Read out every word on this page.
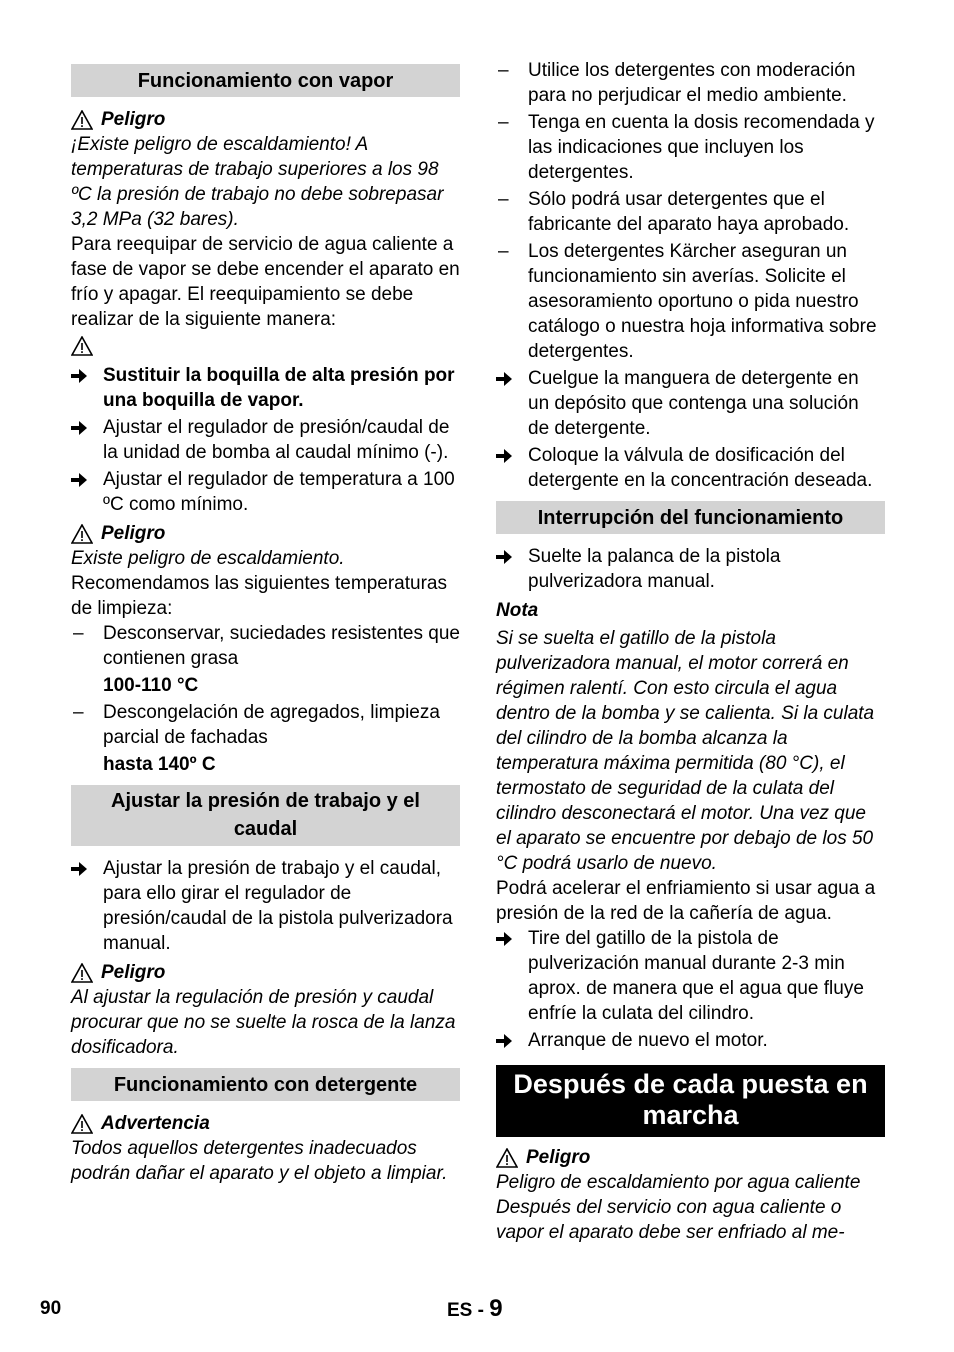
Funcionamiento con vapor
Peligro

¡Existe peligro de escaldamiento! A temperaturas de trabajo superiores a los 98 ºC la presión de trabajo no debe sobrepasar 3,2 MPa (32 bares).

Para reequipar de servicio de agua caliente a fase de vapor se debe encender el aparato en frío y apagar. El reequipamiento se debe realizar de la siguiente manera:

Sustituir la boquilla de alta presión por una boquilla de vapor.
Ajustar el regulador de presión/caudal de la unidad de bomba al caudal mínimo (-).
Ajustar el regulador de temperatura a 100 ºC como mínimo.
Peligro

Existe peligro de escaldamiento.

Recomendamos las siguientes temperaturas de limpieza:

–	Desconservar, suciedades resistentes que contienen grasa

100-110 °C

–	Descongelación de agregados, limpieza parcial de fachadas

hasta 140º C

Ajustar la presión de trabajo y el caudal
Ajustar la presión de trabajo y el caudal, para ello girar el regulador de presión/caudal de la pistola pulverizadora manual.
Peligro

Al ajustar la regulación de presión y caudal procurar que no se suelte la rosca de la lanza dosificadora.

Funcionamiento con detergente
Advertencia

Todos aquellos detergentes inadecuados podrán dañar el aparato y el objeto a limpiar.

–	Utilice los detergentes con moderación para no perjudicar el medio ambiente.
–	Tenga en cuenta la dosis recomendada y las indicaciones que incluyen los detergentes.
–	Sólo podrá usar detergentes que el fabricante del aparato haya aprobado.
–	Los detergentes Kärcher aseguran un funcionamiento sin averías. Solicite el asesoramiento oportuno o pida nuestro catálogo o nuestra hoja informativa sobre detergentes.
Cuelgue la manguera de detergente en un depósito que contenga una solución de detergente.
Coloque la válvula de dosificación del detergente en la concentración deseada.
Interrupción del funcionamiento
Suelte la palanca de la pistola pulverizadora manual.

Nota

Si se suelta el gatillo de la pistola pulverizadora manual, el motor correrá en régimen ralentí. Con esto circula el agua dentro de la bomba y se calienta. Si la culata del cilindro de la bomba alcanza la temperatura máxima permitida (80 °C), el termostato de seguridad de la culata del cilindro desconectará el motor. Una vez que el aparato se encuentre por debajo de los 50 °C podrá usarlo de nuevo.

Podrá acelerar el enfriamiento si usar agua a presión de la red de la cañería de agua.

Tire del gatillo de la pistola de pulverización manual durante 2-3 min aprox. de manera que el agua que fluye enfríe la culata del cilindro.
Arranque de nuevo el motor.
Después de cada puesta en marcha
Peligro

Peligro de escaldamiento por agua caliente Después del servicio con agua caliente o vapor el aparato debe ser enfriado al me-

90	ES - 9
